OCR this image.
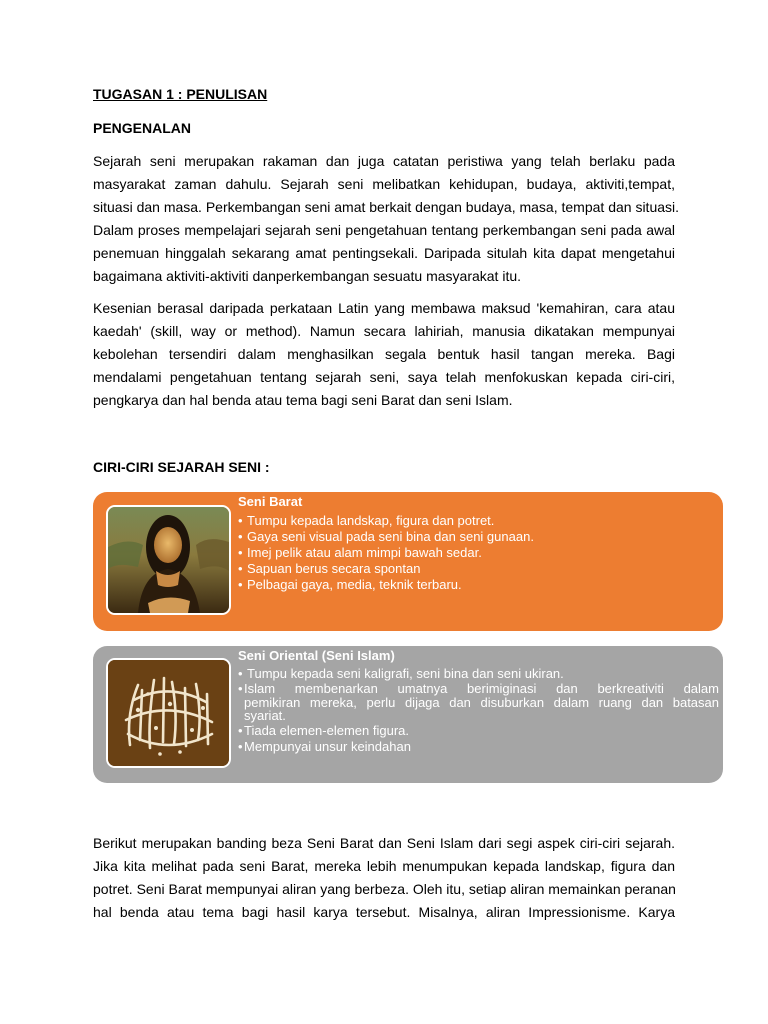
TUGASAN 1 : PENULISAN
PENGENALAN

Sejarah seni merupakan rakaman dan juga catatan peristiwa yang telah berlaku pada
masyarakat zaman dahulu. Sejarah seni melibatkan kehidupan, budaya, aktiviti,tempat,
situasi dan masa. Perkembangan seni amat berkait dengan budaya, masa, tempat dan situasi.
Dalam proses mempelajari sejarah seni pengetahuan tentang perkembangan seni pada awal
penemuan hinggalah sekarang amat pentingsekali. Daripada situlah kita dapat mengetahui
bagaimana aktiviti-aktiviti danperkembangan sesuatu masyarakat itu.

Kesenian berasal daripada perkataan Latin yang membawa maksud 'kemahiran, cara atau
kaedah' (skill, way or method). Namun secara lahiriah, manusia dikatakan mempunyai
kebolehan tersendiri dalam menghasilkan segala bentuk hasil tangan mereka. Bagi
mendalami pengetahuan tentang sejarah seni, saya telah menfokuskan kepada ciri-ciri,
pengkarya dan hal benda atau tema bagi seni Barat dan seni Islam.

CIRI-CIRI SEJARAH SENI :
Seni Barat
• Tumpu kepada landskap, figura dan potret.
• Gaya seni visual pada seni bina dan seni gunaan.
• Imej pelik atau alam mimpi bawah sedar.
• Sapuan berus secara spontan
• Pelbagai gaya, media, teknik terbaru.
Seni Oriental (Seni Islam)
• Tumpu kepada seni kaligrafi, seni bina dan seni ukiran.
• Islam membenarkan umatnya berimiginasi dan berkreativiti dalam
pemikiran mereka, perlu dijaga dan disuburkan dalam ruang dan batasan
syariat.
• Tiada elemen-elemen figura.
• Mempunyai unsur keindahan

Berikut merupakan banding beza Seni Barat dan Seni Islam dari segi aspek ciri-ciri sejarah.
Jika kita melihat pada seni Barat, mereka lebih menumpukan kepada landskap, figura dan
potret. Seni Barat mempunyai aliran yang berbeza. Oleh itu, setiap aliran memainkan peranan
hal benda atau tema bagi hasil karya tersebut. Misalnya, aliran Impressionisme. Karya
